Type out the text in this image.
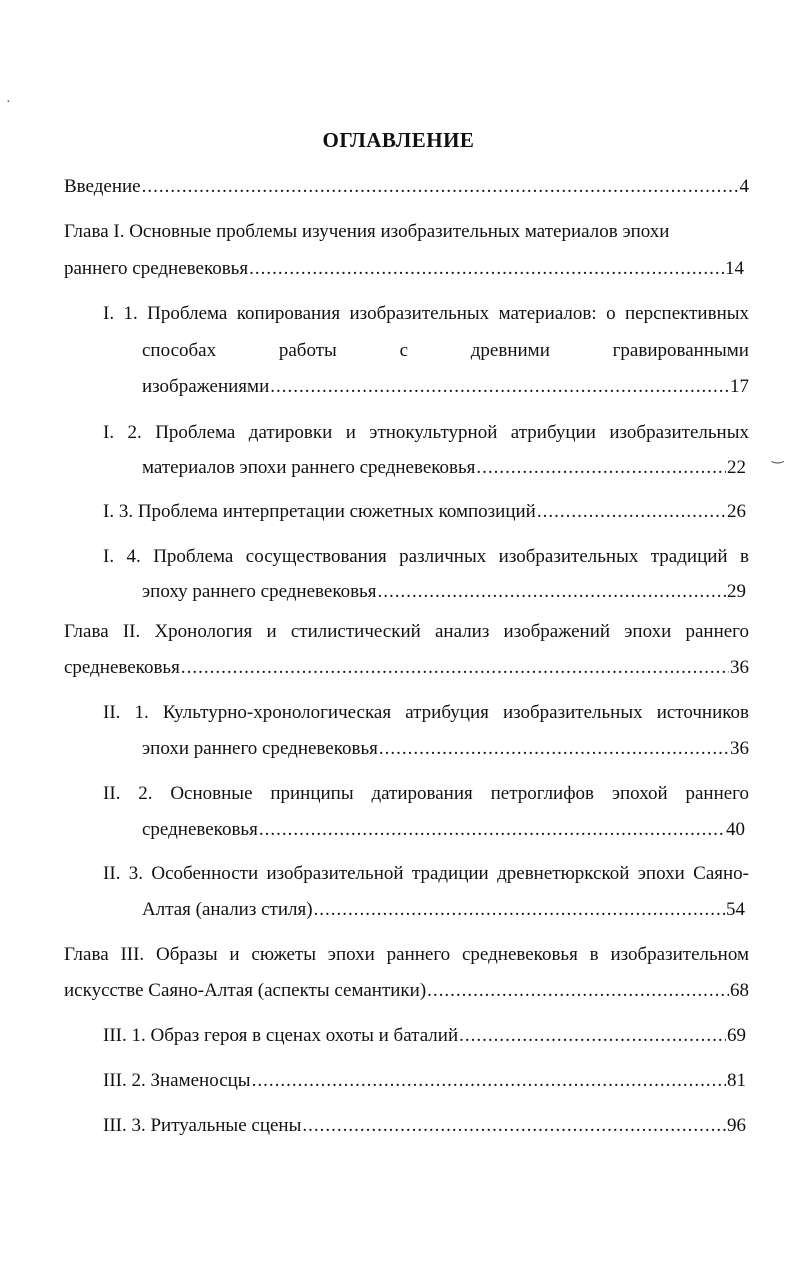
ОГЛАВЛЕНИЕ
Введение .....	4
Глава I. Основные проблемы изучения изобразительных материалов эпохи
раннего средневековья .....	14
I. 1. Проблема копирования изобразительных материалов: о перспективных
способах	работы	с	древними	гравированными
изображениями .....	17
I. 2. Проблема датировки и этнокультурной атрибуции изобразительных
материалов эпохи раннего средневековья .....	22
I. 3. Проблема интерпретации сюжетных композиций .....	26
I. 4. Проблема сосуществования различных изобразительных традиций в
эпоху раннего средневековья .....	29
Глава II. Хронология и стилистический анализ изображений эпохи раннего
средневековья .....	36
II. 1. Культурно-хронологическая атрибуция изобразительных источников
эпохи раннего средневековья .....	36
II. 2. Основные принципы датирования петроглифов эпохой раннего
средневековья .....	40
II. 3. Особенности изобразительной традиции древнетюркской эпохи Саяно-
Алтая (анализ стиля) .....	54
Глава III. Образы и сюжеты эпохи раннего средневековья в изобразительном
искусстве Саяно-Алтая (аспекты семантики) .....	68
III. 1. Образ героя в сценах охоты и баталий .....	69
III. 2. Знаменосцы .....	81
III. 3. Ритуальные сцены .....	96
·
‿
